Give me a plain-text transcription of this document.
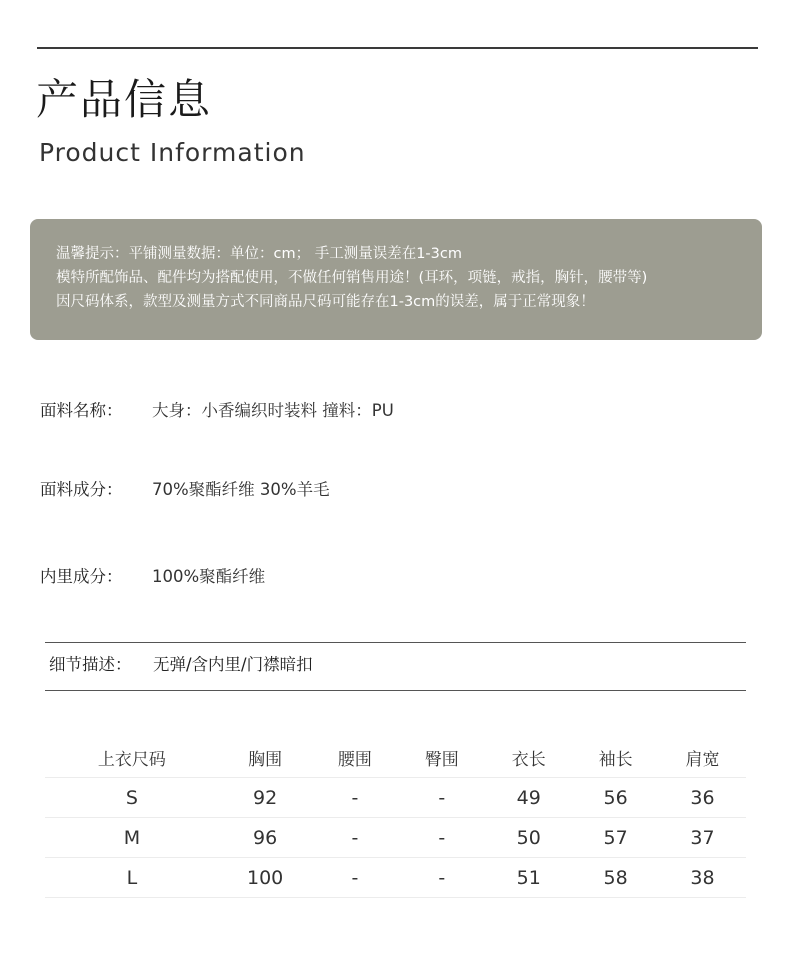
产品信息
Product Information

温馨提示：平铺测量数据：单位：cm； 手工测量误差在1-3cm

模特所配饰品、配件均为搭配使用，不做任何销售用途！(耳环，项链，戒指，胸针，腰带等)

因尺码体系，款型及测量方式不同商品尺码可能存在1-3cm的误差，属于正常现象！

面料名称： 大身：小香编织时装料 撞料：PU
面料成分： 70%聚酯纤维 30%羊毛
内里成分： 100%聚酯纤维
细节描述： 无弹/含内里/门襟暗扣
上衣尺码	胸围	腰围	臀围	衣长	袖长	肩宽
S	92	-	-	49	56	36
M	96	-	-	50	57	37
L	100	-	-	51	58	38
